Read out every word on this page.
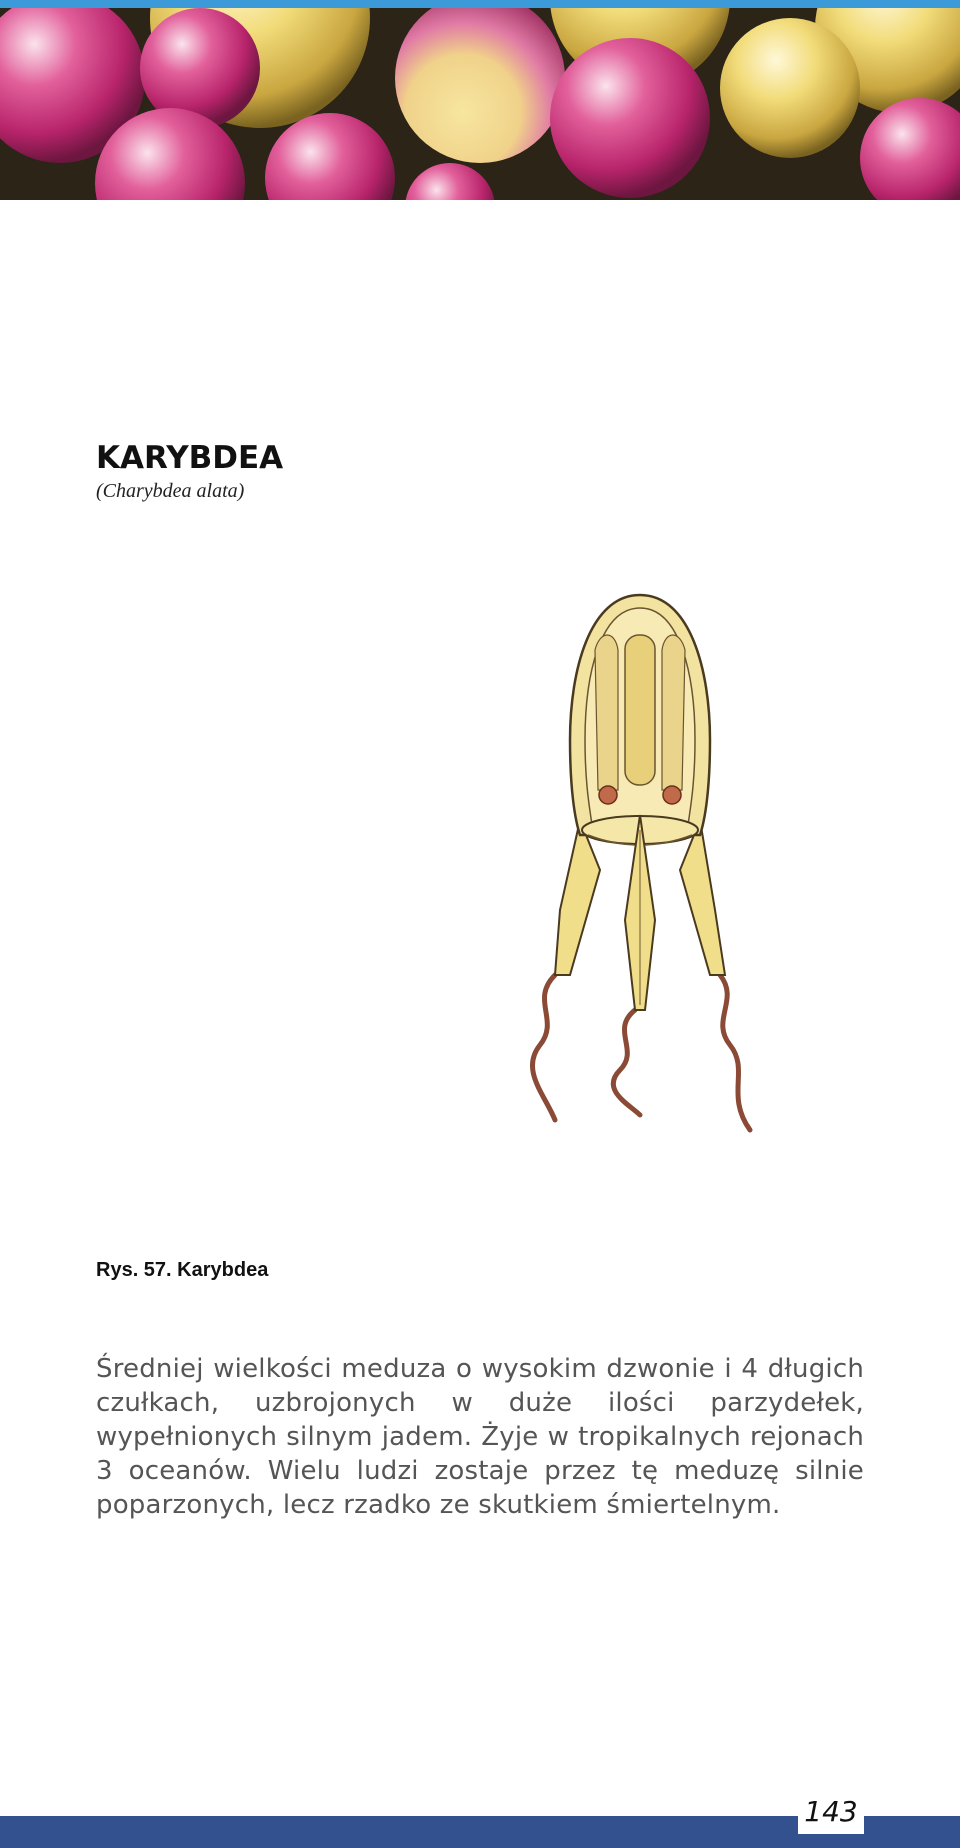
KARYBDEA
(Charybdea alata)
Rys. 57. Karybdea

Średniej wielkości meduza o wysokim dzwonie i 4 długich czułkach, uzbrojonych w duże ilości parzydełek, wypełnionych silnym jadem. Żyje w tropikalnych rejonach 3 oceanów. Wielu ludzi zostaje przez tę meduzę silnie poparzonych, lecz rzadko ze skutkiem śmiertelnym.

143
